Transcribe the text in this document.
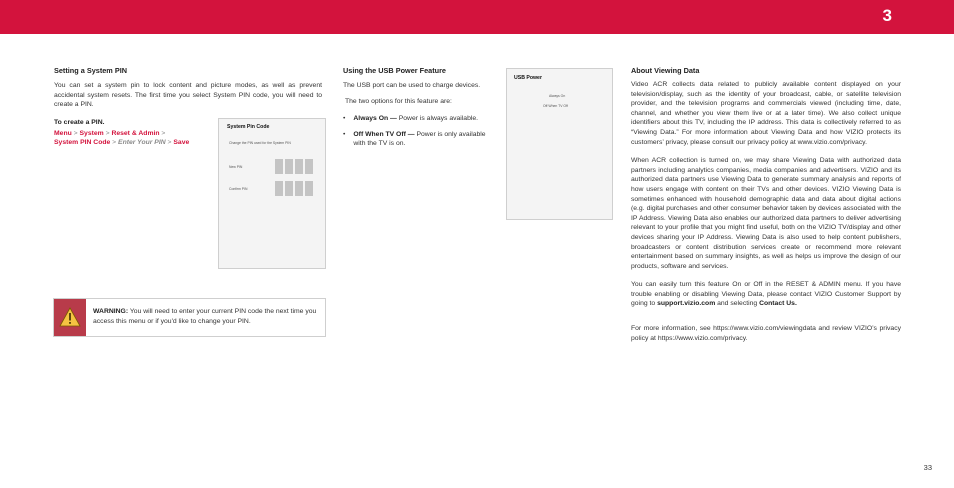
3

Setting a System PIN

You can set a system pin to lock content and picture modes, as well as prevent accidental system resets. The first time you select System PIN code, you will need to create a PIN.

To create a PIN.

Menu > System > Reset & Admin >
System PIN Code > Enter Your PIN > Save

System Pin Code
Change the PIN used for the System PIN
New PIN
Confirm PIN
WARNING: You will need to enter your current PIN code the next time you access this menu or if you'd like to change your PIN.

Using the USB Power Feature

The USB port can be used to charge devices.

The two options for this feature are:

• Always On — Power is always available.
• Off When TV Off — Power is only available with the TV is on.
USB Power
Always On
Off When TV Off

About Viewing Data

Video ACR collects data related to publicly available content displayed on your television/display, such as the identity of your broadcast, cable, or satellite television provider, and the television programs and commercials viewed (including time, date, channel, and whether you view them live or at a later time). We also collect unique identifiers about this TV, including the IP address. This data is collectively referred to as “Viewing Data.” For more information about Viewing Data and how VIZIO protects its customers’ privacy, please consult our privacy policy at www.vizio.com/privacy.

When ACR collection is turned on, we may share Viewing Data with authorized data partners including analytics companies, media companies and advertisers. VIZIO and its authorized data partners use Viewing Data to generate summary analysis and reports of how users engage with content on their TVs and other devices. VIZIO Viewing Data is sometimes enhanced with household demographic data and data about digital actions (e.g. digital purchases and other consumer behavior taken by devices associated with the IP Address. Viewing Data also enables our authorized data partners to deliver advertising relevant to your profile that you might find useful, both on the VIZIO TV/display and other devices sharing your IP Address. Viewing Data is also used to help content publishers, broadcasters or content distribution services create or recommend more relevant entertainment based on summary insights, as well as helps us improve the design of our products, software and services.

You can easily turn this feature On or Off in the RESET & ADMIN menu. If you have trouble enabling or disabling Viewing Data, please contact VIZIO Customer Support by going to support.vizio.com and selecting Contact Us.

For more information, see https://www.vizio.com/viewingdata and review VIZIO’s privacy policy at https://www.vizio.com/privacy.

33
